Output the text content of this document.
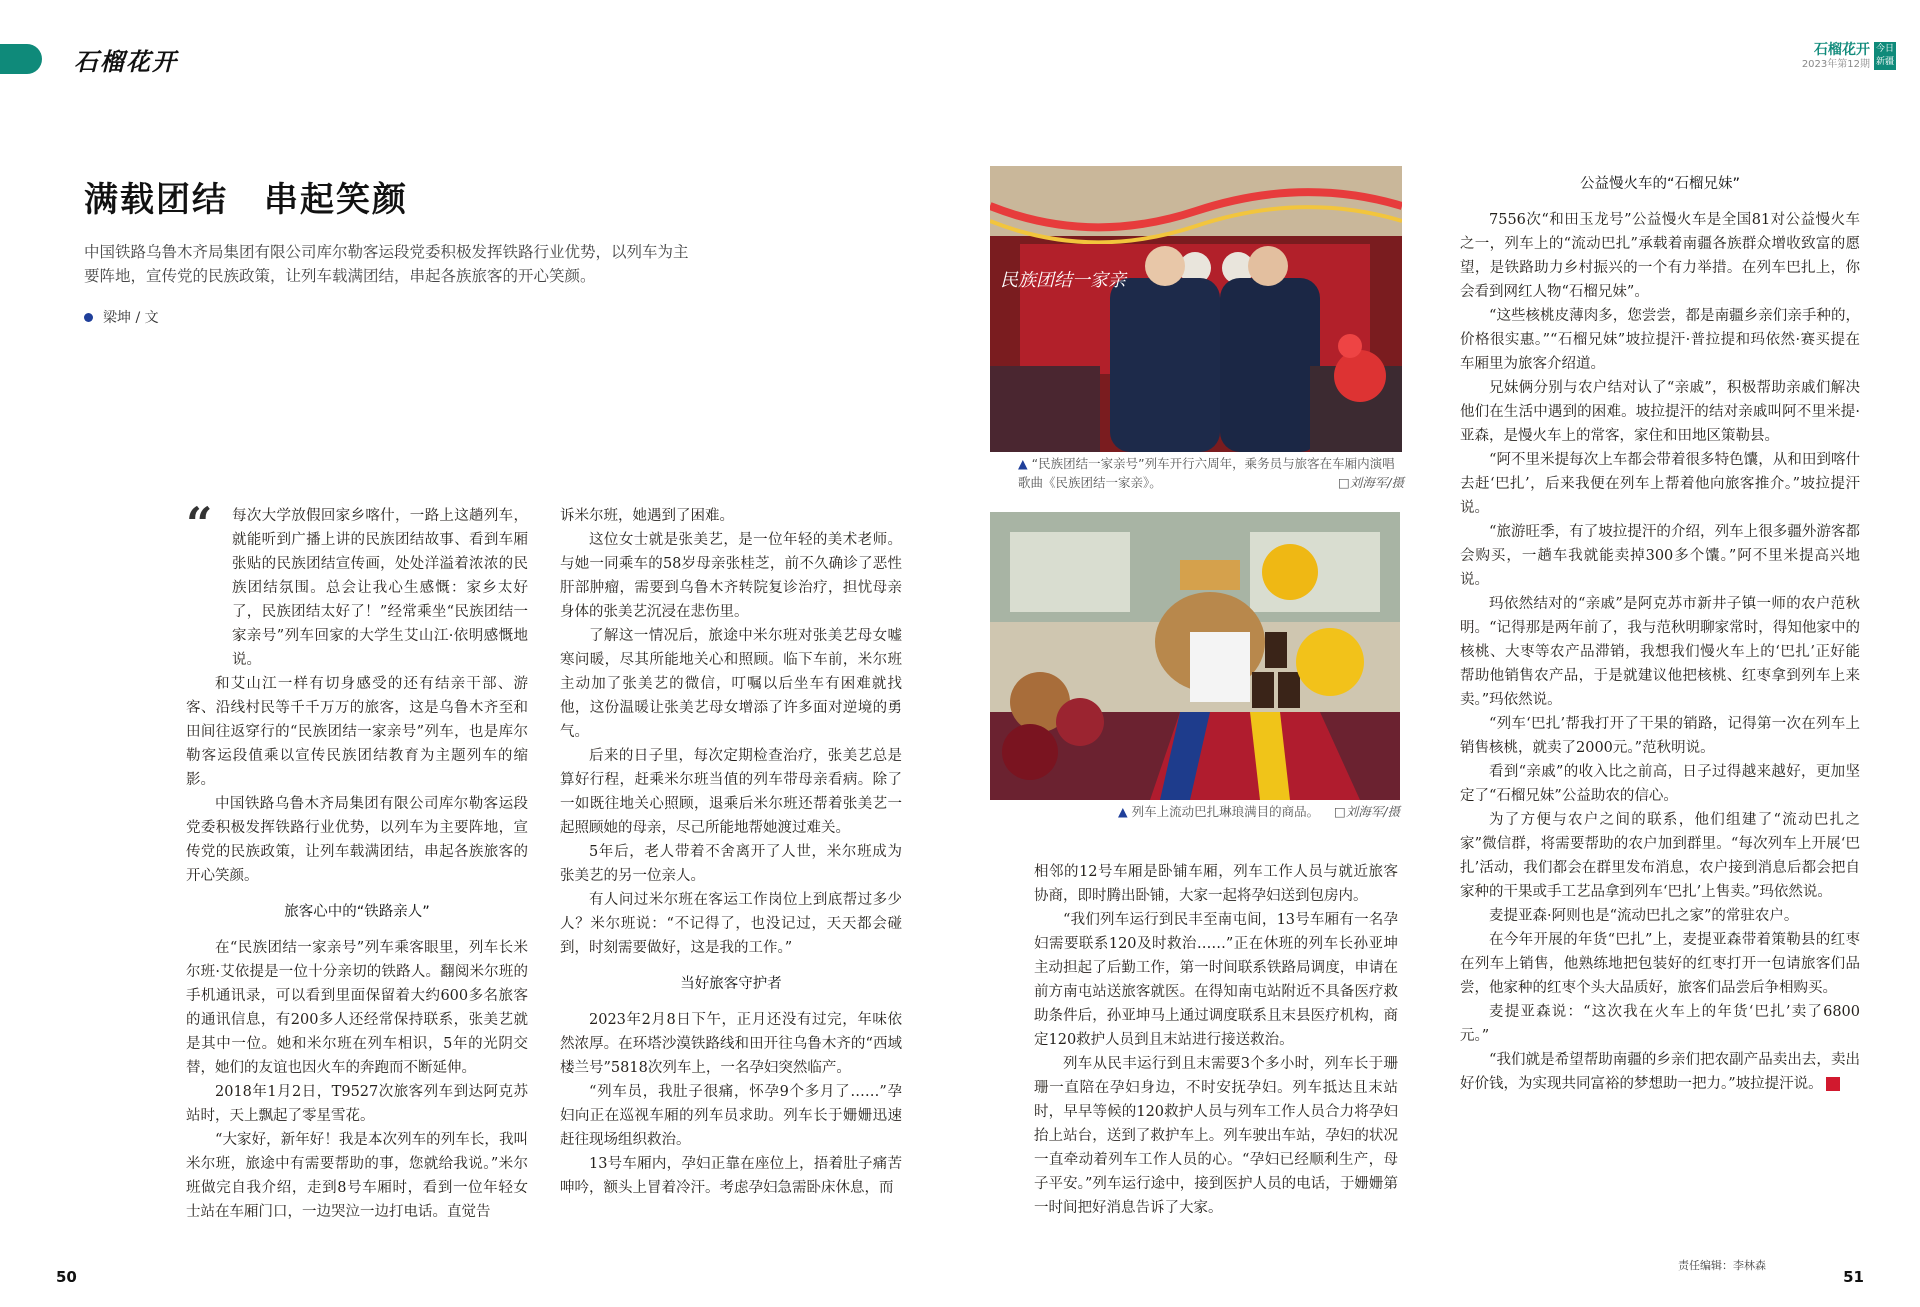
石榴花开	石榴花开
2023年第12期
今日新疆
满载团结　串起笑颜
中国铁路乌鲁木齐局集团有限公司库尔勒客运段党委积极发挥铁路行业优势，以列车为主要阵地，宣传党的民族政策，让列车载满团结，串起各族旅客的开心笑颜。
梁坤 / 文
“	每次大学放假回家乡喀什，一路上这趟列车，就能听到广播上讲的民族团结故事、看到车厢张贴的民族团结宣传画，处处洋溢着浓浓的民族团结氛围。总会让我心生感慨：家乡太好了，民族团结太好了！”经常乘坐“民族团结一家亲号”列车回家的大学生艾山江·依明感慨地说。

和艾山江一样有切身感受的还有结亲干部、游客、沿线村民等千千万万的旅客，这是乌鲁木齐至和田间往返穿行的“民族团结一家亲号”列车，也是库尔勒客运段值乘以宣传民族团结教育为主题列车的缩影。

中国铁路乌鲁木齐局集团有限公司库尔勒客运段党委积极发挥铁路行业优势，以列车为主要阵地，宣传党的民族政策，让列车载满团结，串起各族旅客的开心笑颜。

旅客心中的“铁路亲人”

在“民族团结一家亲号”列车乘客眼里，列车长米尔班·艾依提是一位十分亲切的铁路人。翻阅米尔班的手机通讯录，可以看到里面保留着大约600多名旅客的通讯信息，有200多人还经常保持联系，张美艺就是其中一位。她和米尔班在列车相识，5年的光阴交替，她们的友谊也因火车的奔跑而不断延伸。

2018年1月2日，T9527次旅客列车到达阿克苏站时，天上飘起了零星雪花。

“大家好，新年好！我是本次列车的列车长，我叫米尔班，旅途中有需要帮助的事，您就给我说。”米尔班做完自我介绍，走到8号车厢时，看到一位年轻女士站在车厢门口，一边哭泣一边打电话。直觉告

诉米尔班，她遇到了困难。

这位女士就是张美艺，是一位年轻的美术老师。与她一同乘车的58岁母亲张桂芝，前不久确诊了恶性肝部肿瘤，需要到乌鲁木齐转院复诊治疗，担忧母亲身体的张美艺沉浸在悲伤里。

了解这一情况后，旅途中米尔班对张美艺母女嘘寒问暖，尽其所能地关心和照顾。临下车前，米尔班主动加了张美艺的微信，叮嘱以后坐车有困难就找他，这份温暖让张美艺母女增添了许多面对逆境的勇气。

后来的日子里，每次定期检查治疗，张美艺总是算好行程，赶乘米尔班当值的列车带母亲看病。除了一如既往地关心照顾，退乘后米尔班还帮着张美艺一起照顾她的母亲，尽己所能地帮她渡过难关。

5年后，老人带着不舍离开了人世，米尔班成为张美艺的另一位亲人。

有人问过米尔班在客运工作岗位上到底帮过多少人？米尔班说：“不记得了，也没记过，天天都会碰到，时刻需要做好，这是我的工作。”

当好旅客守护者

2023年2月8日下午，正月还没有过完，年味依然浓厚。在环塔沙漠铁路线和田开往乌鲁木齐的“西域楼兰号”5818次列车上，一名孕妇突然临产。

“列车员，我肚子很痛，怀孕9个多月了……”孕妇向正在巡视车厢的列车员求助。列车长于姗姗迅速赶往现场组织救治。

13号车厢内，孕妇正靠在座位上，捂着肚子痛苦呻吟，额头上冒着冷汗。考虑孕妇急需卧床休息，而

民族团结一家亲
▲ “民族团结一家亲号”列车开行六周年，乘务员与旅客在车厢内演唱歌曲《民族团结一家亲》。	□刘海军/摄
▲ 列车上流动巴扎琳琅满目的商品。 □刘海军/摄

相邻的12号车厢是卧铺车厢，列车工作人员与就近旅客协商，即时腾出卧铺，大家一起将孕妇送到包房内。

“我们列车运行到民丰至南屯间，13号车厢有一名孕妇需要联系120及时救治……”正在休班的列车长孙亚坤主动担起了后勤工作，第一时间联系铁路局调度，申请在前方南屯站送旅客就医。在得知南屯站附近不具备医疗救助条件后，孙亚坤马上通过调度联系且末县医疗机构，商定120救护人员到且末站进行接送救治。

列车从民丰运行到且末需要3个多小时，列车长于珊珊一直陪在孕妇身边，不时安抚孕妇。列车抵达且末站时，早早等候的120救护人员与列车工作人员合力将孕妇抬上站台，送到了救护车上。列车驶出车站，孕妇的状况一直牵动着列车工作人员的心。“孕妇已经顺利生产，母子平安。”列车运行途中，接到医护人员的电话，于姗姗第一时间把好消息告诉了大家。

公益慢火车的“石榴兄妹”

7556次“和田玉龙号”公益慢火车是全国81对公益慢火车之一，列车上的“流动巴扎”承载着南疆各族群众增收致富的愿望，是铁路助力乡村振兴的一个有力举措。在列车巴扎上，你会看到网红人物“石榴兄妹”。

“这些核桃皮薄肉多，您尝尝，都是南疆乡亲们亲手种的，价格很实惠。”“石榴兄妹”坡拉提汗·普拉提和玛依然·赛买提在车厢里为旅客介绍道。

兄妹俩分别与农户结对认了“亲戚”，积极帮助亲戚们解决他们在生活中遇到的困难。坡拉提汗的结对亲戚叫阿不里米提·亚森，是慢火车上的常客，家住和田地区策勒县。

“阿不里米提每次上车都会带着很多特色馕，从和田到喀什去赶‘巴扎’，后来我便在列车上帮着他向旅客推介。”坡拉提汗说。

“旅游旺季，有了坡拉提汗的介绍，列车上很多疆外游客都会购买，一趟车我就能卖掉300多个馕。”阿不里米提高兴地说。

玛依然结对的“亲戚”是阿克苏市新井子镇一师的农户范秋明。“记得那是两年前了，我与范秋明聊家常时，得知他家中的核桃、大枣等农产品滞销，我想我们慢火车上的‘巴扎’正好能帮助他销售农产品，于是就建议他把核桃、红枣拿到列车上来卖。”玛依然说。

“列车‘巴扎’帮我打开了干果的销路，记得第一次在列车上销售核桃，就卖了2000元。”范秋明说。

看到“亲戚”的收入比之前高，日子过得越来越好，更加坚定了“石榴兄妹”公益助农的信心。

为了方便与农户之间的联系，他们组建了“流动巴扎之家”微信群，将需要帮助的农户加到群里。“每次列车上开展‘巴扎’活动，我们都会在群里发布消息，农户接到消息后都会把自家种的干果或手工艺品拿到列车‘巴扎’上售卖。”玛依然说。

麦提亚森·阿则也是“流动巴扎之家”的常驻农户。

在今年开展的年货“巴扎”上，麦提亚森带着策勒县的红枣在列车上销售，他熟练地把包装好的红枣打开一包请旅客们品尝，他家种的红枣个头大品质好，旅客们品尝后争相购买。

麦提亚森说：“这次我在火车上的年货‘巴扎’卖了6800元。”

“我们就是希望帮助南疆的乡亲们把农副产品卖出去，卖出好价钱，为实现共同富裕的梦想助一把力。”坡拉提汗说。	J

50	51
责任编辑：李林森
